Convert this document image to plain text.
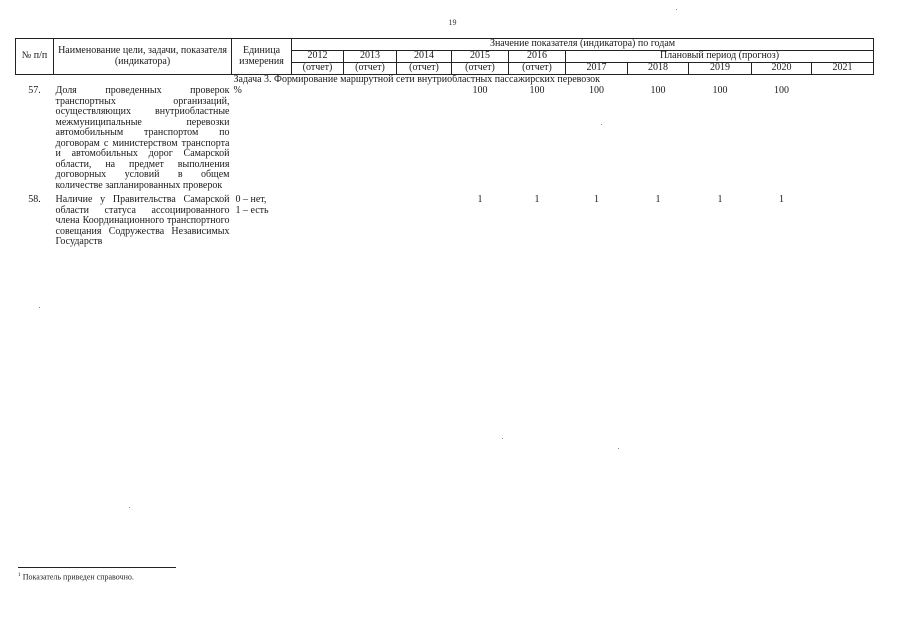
19
№ п/п	Наименование цели, задачи, показателя (индикатора)	Единица измерения	Значение показателя (индикатора) по годам									
			2012	2013	2014	2015	2016	Плановый период (прогноз)				
			(отчет)	(отчет)	(отчет)	(отчет)	(отчет)	2017	2018	2019	2020	2021
		Задача 3. Формирование маршрутной сети внутриобластных пассажирских перевозок										
57.	Доля проведенных проверок транспортных организаций, осуществляющих внутриобластные межмуниципальные перевозки автомобильным транспортом по договорам с министерством транспорта и автомобильных дорог Самарской области, на предмет выполнения договорных условий в общем количестве запланированных проверок	%				100	100	100	100	100	100	
58.	Наличие у Правительства Самарской области статуса ассоциированного члена Координационного транспортного совещания Содружества Независимых Государств	0 – нет,
1 – есть				1	1	1	1	1	1	
$^1$ Показатель приведен справочно.
